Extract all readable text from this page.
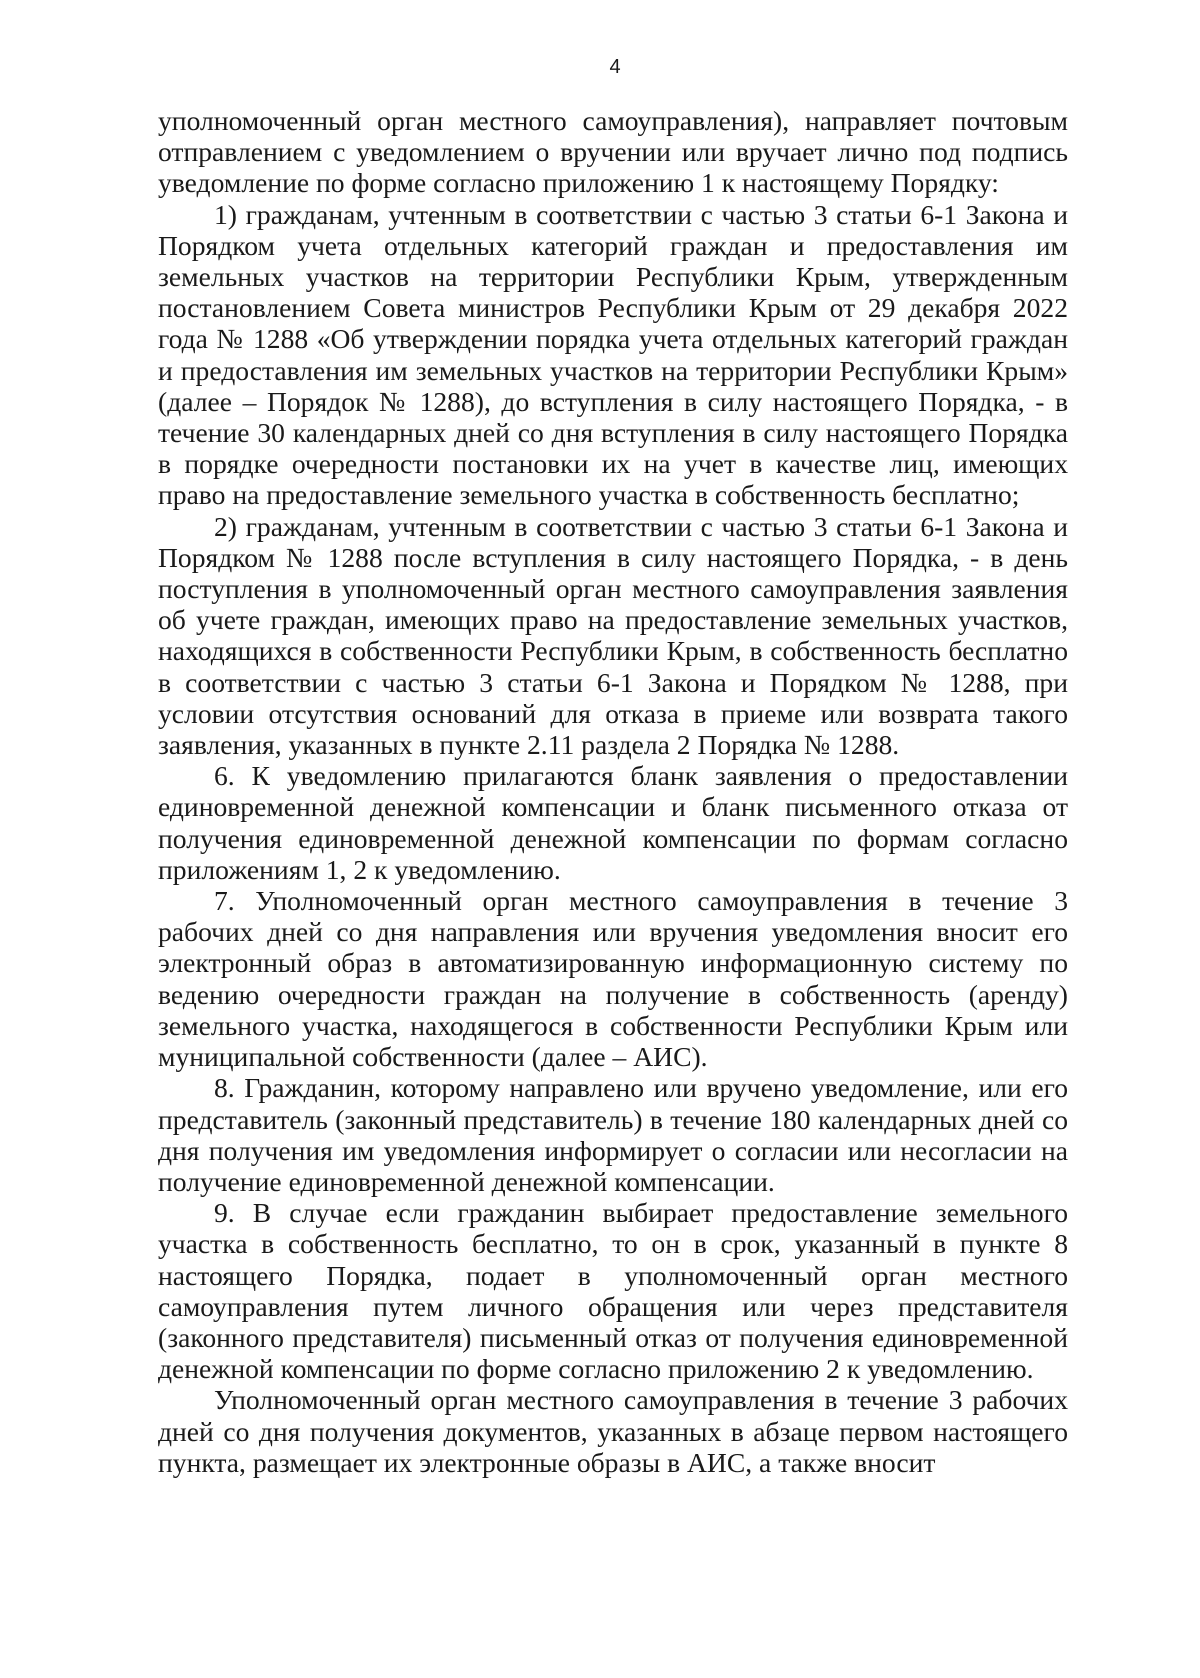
4

уполномоченный орган местного самоуправления), направляет почтовым отправлением с уведомлением о вручении или вручает лично под подпись уведомление по форме согласно приложению 1 к настоящему Порядку:

1) гражданам, учтенным в соответствии с частью 3 статьи 6-1 Закона и Порядком учета отдельных категорий граждан и предоставления им земельных участков на территории Республики Крым, утвержденным постановлением Совета министров Республики Крым от 29 декабря 2022 года № 1288 «Об утверждении порядка учета отдельных категорий граждан и предоставления им земельных участков на территории Республики Крым» (далее – Порядок № 1288), до вступления в силу настоящего Порядка, - в течение 30 календарных дней со дня вступления в силу настоящего Порядка в порядке очередности постановки их на учет в качестве лиц, имеющих право на предоставление земельного участка в собственность бесплатно;

2) гражданам, учтенным в соответствии с частью 3 статьи 6-1 Закона и Порядком № 1288 после вступления в силу настоящего Порядка, - в день поступления в уполномоченный орган местного самоуправления заявления об учете граждан, имеющих право на предоставление земельных участков, находящихся в собственности Республики Крым, в собственность бесплатно в соответствии с частью 3 статьи 6-1 Закона и Порядком № 1288, при условии отсутствия оснований для отказа в приеме или возврата такого заявления, указанных в пункте 2.11 раздела 2 Порядка № 1288.

6. К уведомлению прилагаются бланк заявления о предоставлении единовременной денежной компенсации и бланк письменного отказа от получения единовременной денежной компенсации по формам согласно приложениям 1, 2 к уведомлению.

7. Уполномоченный орган местного самоуправления в течение 3 рабочих дней со дня направления или вручения уведомления вносит его электронный образ в автоматизированную информационную систему по ведению очередности граждан на получение в собственность (аренду) земельного участка, находящегося в собственности Республики Крым или муниципальной собственности (далее – АИС).

8. Гражданин, которому направлено или вручено уведомление, или его представитель (законный представитель) в течение 180 календарных дней со дня получения им уведомления информирует о согласии или несогласии на получение единовременной денежной компенсации.

9. В случае если гражданин выбирает предоставление земельного участка в собственность бесплатно, то он в срок, указанный в пункте 8 настоящего Порядка, подает в уполномоченный орган местного самоуправления путем личного обращения или через представителя (законного представителя) письменный отказ от получения единовременной денежной компенсации по форме согласно приложению 2 к уведомлению.

Уполномоченный орган местного самоуправления в течение 3 рабочих дней со дня получения документов, указанных в абзаце первом настоящего пункта, размещает их электронные образы в АИС, а также вносит
